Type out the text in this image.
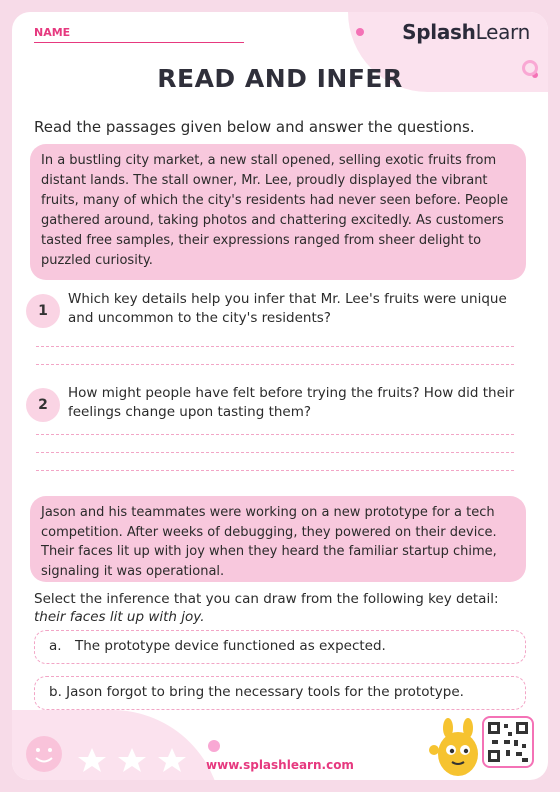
NAME	SplashLearn
READ AND INFER
Read the passages given below and answer the questions.
In a bustling city market, a new stall opened, selling exotic fruits from distant lands. The stall owner, Mr. Lee, proudly displayed the vibrant fruits, many of which the city's residents had never seen before. People gathered around, taking photos and chattering excitedly. As customers tasted free samples, their expressions ranged from sheer delight to puzzled curiosity.
1
Which key details help you infer that Mr. Lee's fruits were unique and uncommon to the city's residents?
2
How might people have felt before trying the fruits? How did their feelings change upon tasting them?
Jason and his teammates were working on a new prototype for a tech competition. After weeks of debugging, they powered on their device. Their faces lit up with joy when they heard the familiar startup chime, signaling it was operational.
Select the inference that you can draw from the following key detail: their faces lit up with joy.
a. The prototype device functioned as expected.
b. Jason forgot to bring the necessary tools for the prototype.
www.splashlearn.com
